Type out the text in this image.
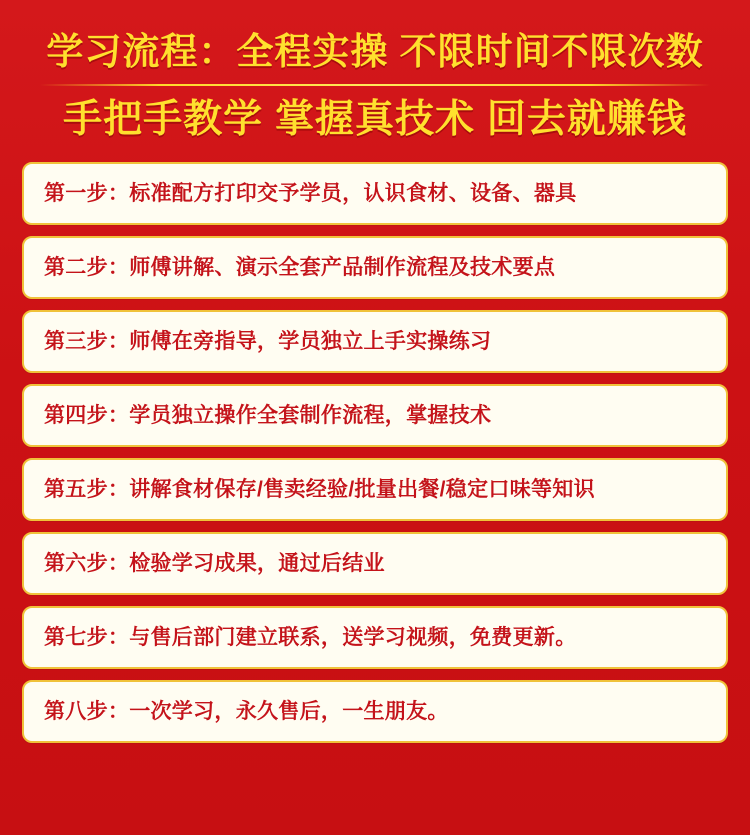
学习流程：全程实操 不限时间不限次数
手把手教学 掌握真技术 回去就赚钱
第一步：标准配方打印交予学员，认识食材、设备、器具
第二步：师傅讲解、演示全套产品制作流程及技术要点
第三步：师傅在旁指导，学员独立上手实操练习
第四步：学员独立操作全套制作流程，掌握技术
第五步：讲解食材保存/售卖经验/批量出餐/稳定口味等知识
第六步：检验学习成果，通过后结业
第七步：与售后部门建立联系，送学习视频，免费更新。
第八步：一次学习，永久售后，一生朋友。
